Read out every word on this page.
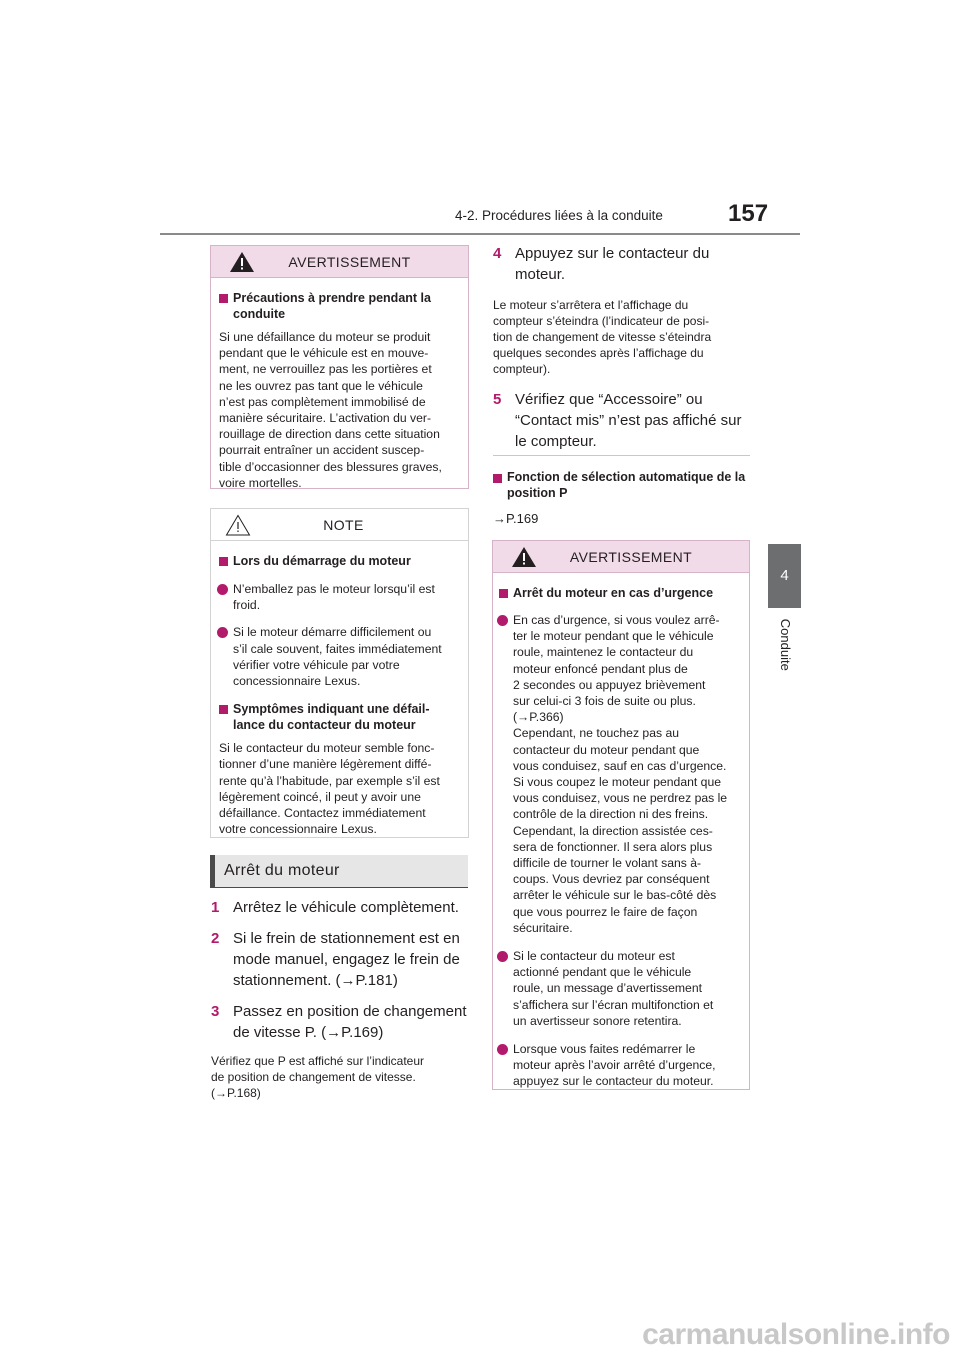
4-2. Procédures liées à la conduite	157
4
Conduite
AVERTISSEMENT
Précautions à prendre pendant la
conduite
Si une défaillance du moteur se produit
pendant que le véhicule est en mouve-
ment, ne verrouillez pas les portières et
ne les ouvrez pas tant que le véhicule
n’est pas complètement immobilisé de
manière sécuritaire. L’activation du ver-
rouillage de direction dans cette situation
pourrait entraîner un accident suscep-
tible d’occasionner des blessures graves,
voire mortelles.
NOTE
Lors du démarrage du moteur
N’emballez pas le moteur lorsqu’il est
froid.
Si le moteur démarre difficilement ou
s’il cale souvent, faites immédiatement
vérifier votre véhicule par votre
concessionnaire Lexus.
Symptômes indiquant une défail-
lance du contacteur du moteur
Si le contacteur du moteur semble fonc-
tionner d’une manière légèrement diffé-
rente qu’à l’habitude, par exemple s’il est
légèrement coincé, il peut y avoir une
défaillance. Contactez immédiatement
votre concessionnaire Lexus.
Arrêt du moteur
1 Arrêtez le véhicule complètement.
2 Si le frein de stationnement est en
mode manuel, engagez le frein de
stationnement. (→P.181)
3 Passez en position de changement
de vitesse P. (→P.169)
Vérifiez que P est affiché sur l’indicateur
de position de changement de vitesse.
(→P.168)
4 Appuyez sur le contacteur du
moteur.
Le moteur s’arrêtera et l’affichage du
compteur s’éteindra (l’indicateur de posi-
tion de changement de vitesse s’éteindra
quelques secondes après l’affichage du
compteur).
5 Vérifiez que “Accessoire” ou
“Contact mis” n’est pas affiché sur
le compteur.
Fonction de sélection automatique de la
position P
→P.169
AVERTISSEMENT
Arrêt du moteur en cas d’urgence
En cas d’urgence, si vous voulez arrê-
ter le moteur pendant que le véhicule
roule, maintenez le contacteur du
moteur enfoncé pendant plus de
2 secondes ou appuyez brièvement
sur celui-ci 3 fois de suite ou plus.
(→P.366)
Cependant, ne touchez pas au
contacteur du moteur pendant que
vous conduisez, sauf en cas d’urgence.
Si vous coupez le moteur pendant que
vous conduisez, vous ne perdrez pas le
contrôle de la direction ni des freins.
Cependant, la direction assistée ces-
sera de fonctionner. Il sera alors plus
difficile de tourner le volant sans à-
coups. Vous devriez par conséquent
arrêter le véhicule sur le bas-côté dès
que vous pourrez le faire de façon
sécuritaire.
Si le contacteur du moteur est
actionné pendant que le véhicule
roule, un message d’avertissement
s’affichera sur l’écran multifonction et
un avertisseur sonore retentira.
Lorsque vous faites redémarrer le
moteur après l’avoir arrêté d’urgence,
appuyez sur le contacteur du moteur.
carmanualsonline.info
